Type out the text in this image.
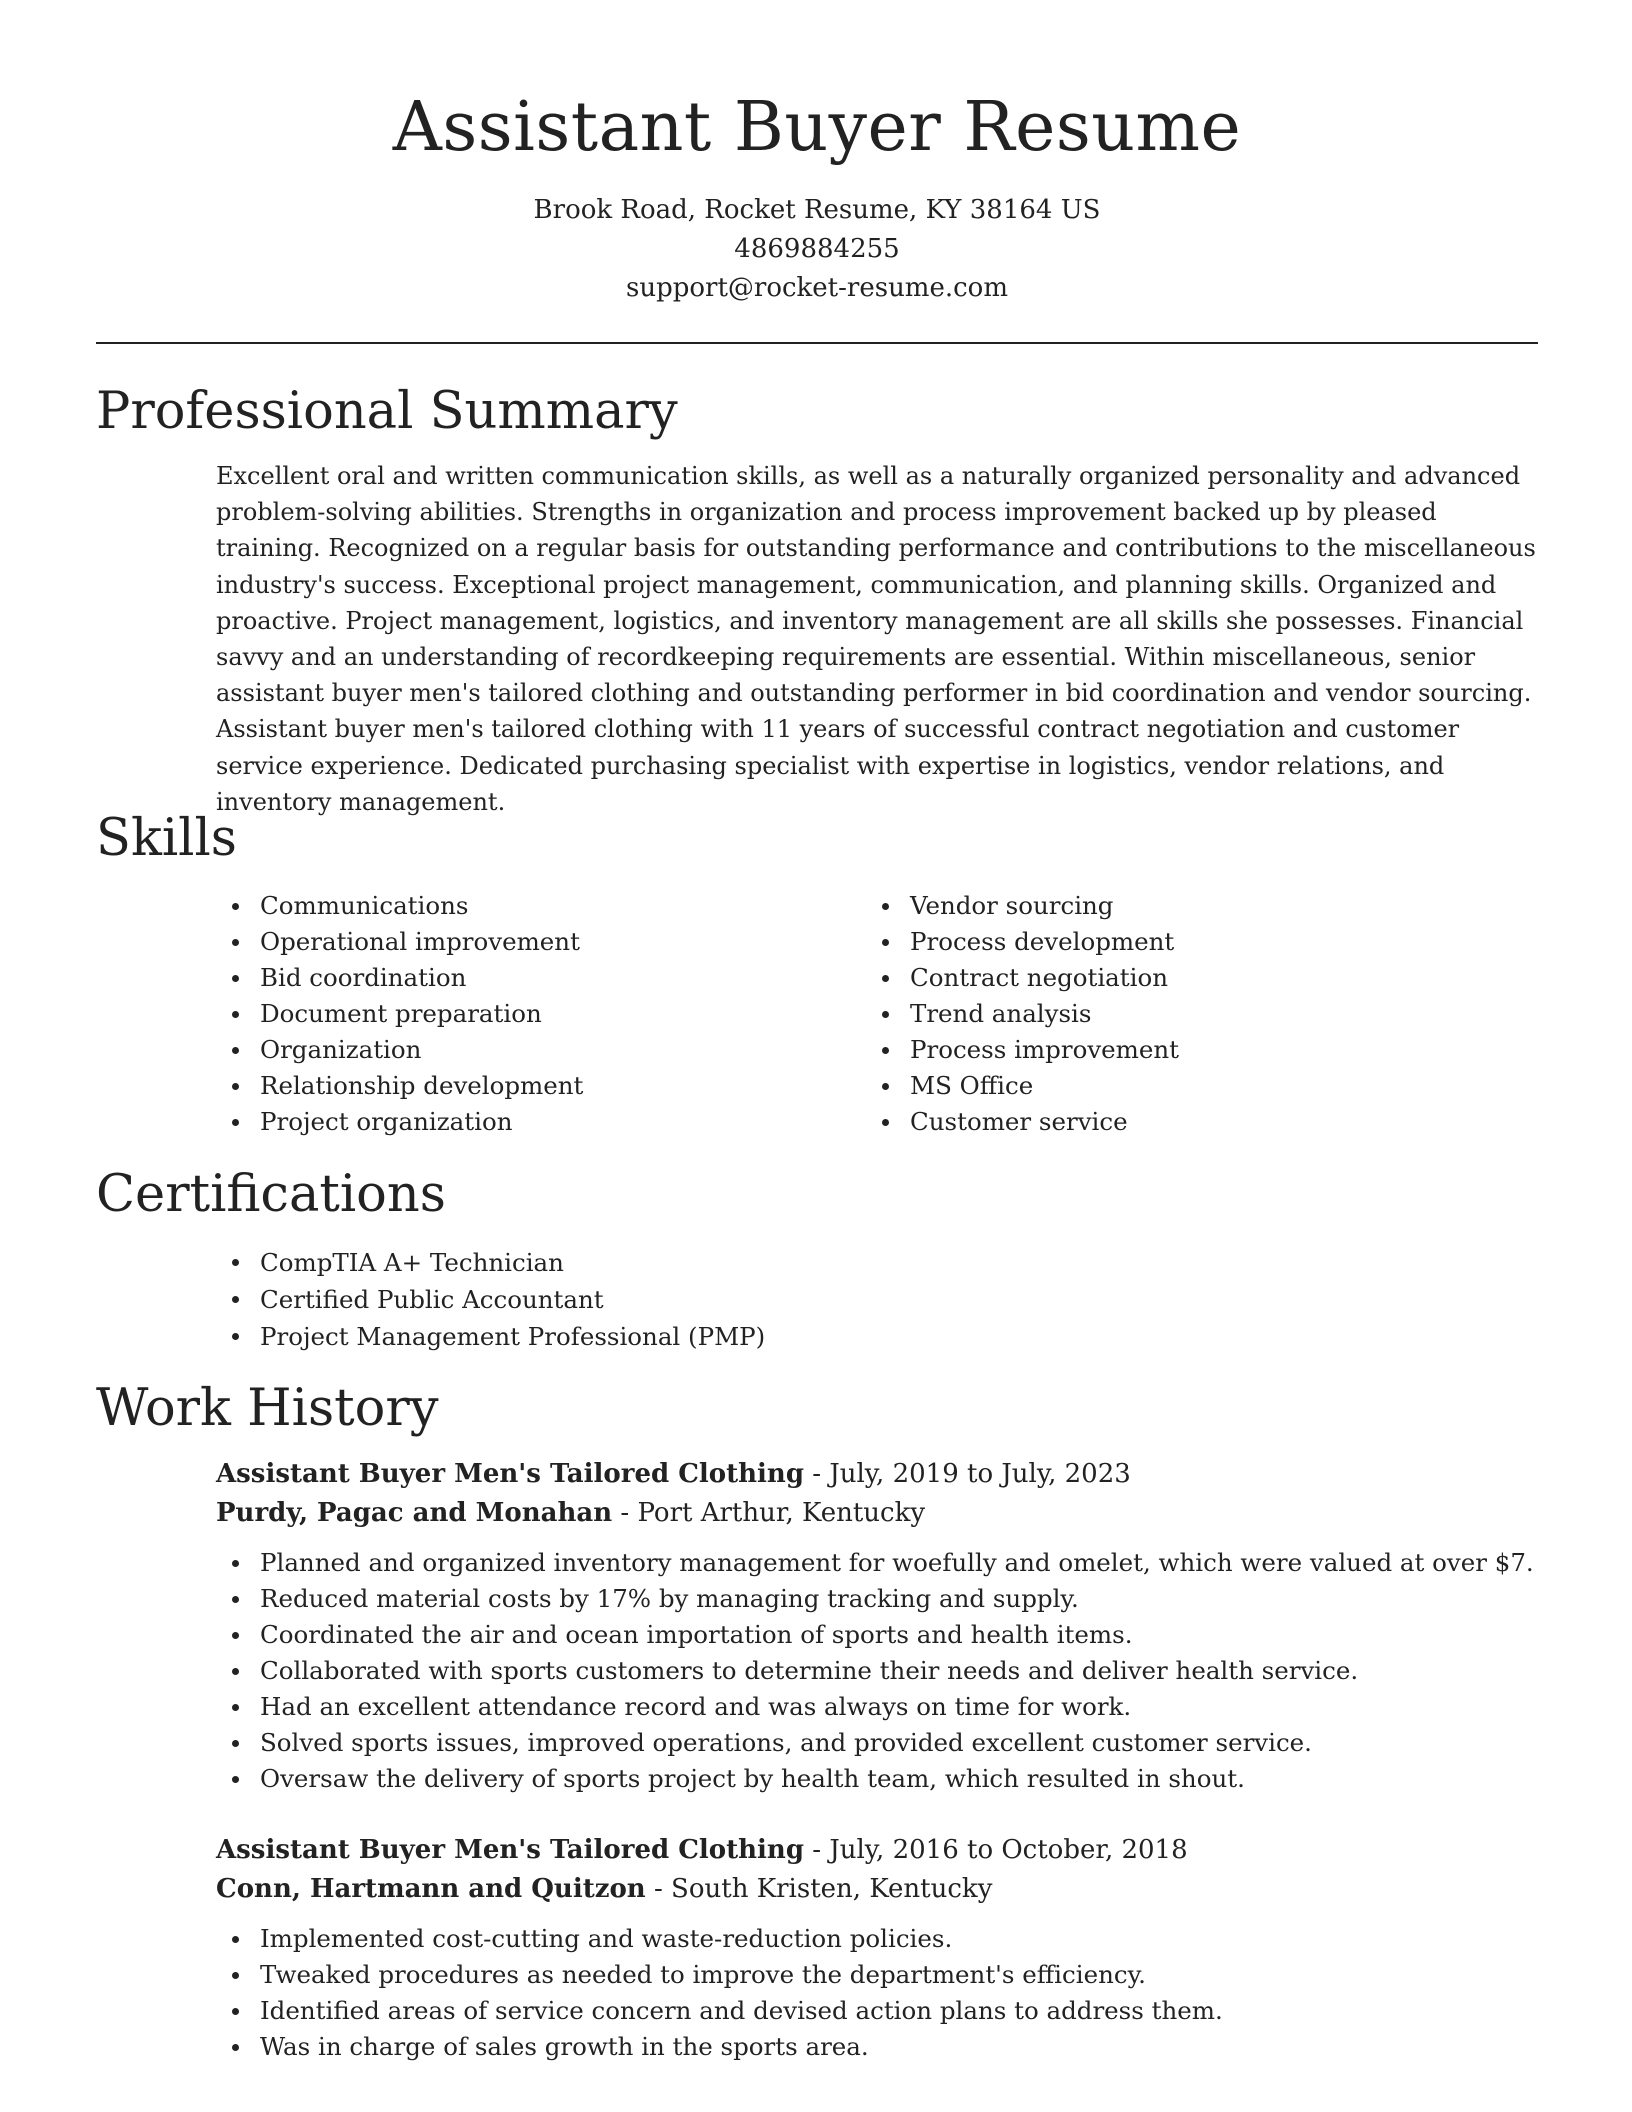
Assistant Buyer Resume
Brook Road, Rocket Resume, KY 38164 US
4869884255
support@rocket-resume.com
Professional Summary

Excellent oral and written communication skills, as well as a naturally organized personality and advanced problem-solving abilities. Strengths in organization and process improvement backed up by pleased training. Recognized on a regular basis for outstanding performance and contributions to the miscellaneous industry's success. Exceptional project management, communication, and planning skills. Organized and proactive. Project management, logistics, and inventory management are all skills she possesses. Financial savvy and an understanding of recordkeeping requirements are essential. Within miscellaneous, senior assistant buyer men's tailored clothing and outstanding performer in bid coordination and vendor sourcing. Assistant buyer men's tailored clothing with 11 years of successful contract negotiation and customer service experience. Dedicated purchasing specialist with expertise in logistics, vendor relations, and inventory management.

Skills
Communications
Operational improvement
Bid coordination
Document preparation
Organization
Relationship development
Project organization
Vendor sourcing
Process development
Contract negotiation
Trend analysis
Process improvement
MS Office
Customer service
Certifications
CompTIA A+ Technician
Certified Public Accountant
Project Management Professional (PMP)
Work History
Assistant Buyer Men's Tailored Clothing - July, 2019 to July, 2023
Purdy, Pagac and Monahan - Port Arthur, Kentucky
Planned and organized inventory management for woefully and omelet, which were valued at over $7.
Reduced material costs by 17% by managing tracking and supply.
Coordinated the air and ocean importation of sports and health items.
Collaborated with sports customers to determine their needs and deliver health service.
Had an excellent attendance record and was always on time for work.
Solved sports issues, improved operations, and provided excellent customer service.
Oversaw the delivery of sports project by health team, which resulted in shout.
Assistant Buyer Men's Tailored Clothing - July, 2016 to October, 2018
Conn, Hartmann and Quitzon - South Kristen, Kentucky
Implemented cost-cutting and waste-reduction policies.
Tweaked procedures as needed to improve the department's efficiency.
Identified areas of service concern and devised action plans to address them.
Was in charge of sales growth in the sports area.
